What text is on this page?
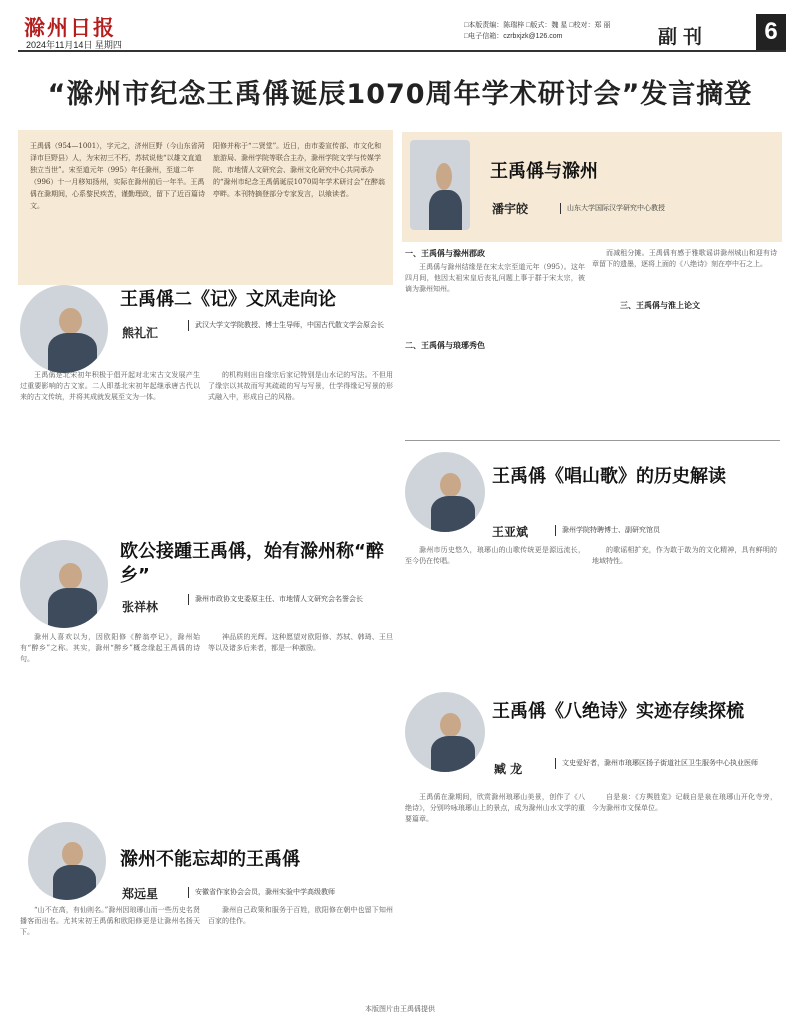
滁州日报
2024年11月14日 星期四
□本版责编：陈瑞梓 □版式：魏 星 □校对：郑 丽
□电子信箱：czrbxjzk@126.com	副刊	6
“滁州市纪念王禹偁诞辰1070周年学术研讨会”发言摘登

王禹偁（954—1001），字元之，济州巨野（今山东省菏泽市巨野县）人，为宋初三不朽，苏轼说他“以雄文直道独立当世”。宋至道元年（995）年任滁州，至道二年（996）十一月移知扬州，实际在滁州前后一年半。王禹偁在滁期间，心系黎民疾苦，谨勤理政，留下了近百篇诗文。

阳修并称于“二贤堂”。近日，由市委宣传部、市文化和旅游局、滁州学院等联合主办，滁州学院文学与传媒学院、市地情人文研究会、滁州文化研究中心共同承办的“滁州市纪念王禹偁诞辰1070周年学术研讨会”在醉翁亭畔。本刊特摘登部分专家发言，以飨读者。

王禹偁二《记》文风走向论
熊礼汇
武汉大学文学院教授、博士生导师，中国古代散文学会原会长
王禹偁是北宋初年积极于倡开起对北宋古文发展产生过重要影响的古文家。二人即基北宋初年起继承唐古代以来的古文传统，并将其成就发展至文为一体。
的机构则出自缘宗后家记特别是山水记的写法。不但用了缘宗以其故而写其疏疏的写与写景，仕学得缘记写景的形式融入中，形成自己的风格。
欧公接踵王禹偁，始有滁州称“醉乡”
张祥林
滁州市政协文史委原主任、市地情人文研究会名誉会长
滁州人喜欢以为，因欧阳修《醉翁亭记》，滁州始有“醉乡”之称。其实，滁州“醉乡”概念缘起王禹偁的诗句。
神品质的光辉。这种愿望对欧阳修、苏轼、韩琦、王旦等以及诸多后来者，都是一种激励。
滁州不能忘却的王禹偁
郑远星	安徽省作家协会会员，滁州实验中学高级教师
“山不在高，有仙则名。”滁州因琅琊山而一些历史名贤播客而出名。尤其宋初王禹偁和欧阳修更是让滁州名扬天下。
滁州自己政策和服务于百姓，欧阳修在朝中也留下知州百家的佳作。
王禹偁与滁州
潘宇皎	山东大学国际汉学研究中心教授
一、王禹偁与滁州郡政
王禹偁与滁州结缘是在宋太宗至道元年（995）。这年四月间，他因太祖宋皇后丧礼问题上事于群于宋太宗，被谪为滁州知州。
二、王禹偁与琅琊秀色
而减租分摊。王禹偁有感于雅歌谣讲滁州城山和迎有诗章留下的遗墨，逐将上面的《八绝诗》刻在亭中石之上。
三、王禹偁与淮上论文
王禹偁《唱山歌》的历史解读
王亚斌	滁州学院特聘博士、副研究馆员
滁州市历史悠久，琅琊山的山歌传统更是源远流长，至今仍在传唱。
的歌谣相扩充，作为敢于敢为的文化精神，具有鲜明的地域特性。
王禹偁《八绝诗》实迹存续探梳
臧 龙	文史爱好者，滁州市琅琊区扬子街道社区卫生服务中心执业医师
王禹偁在滁期间，欣赏滁州琅琊山美景，创作了《八绝诗》，分别吟咏琅琊山上的景点，成为滁州山水文学的重要篇章。
自是泉：《方舆胜览》记载自是泉在琅琊山开化寺旁，今为滁州市文保单位。
本版图片由王禹偁提供
